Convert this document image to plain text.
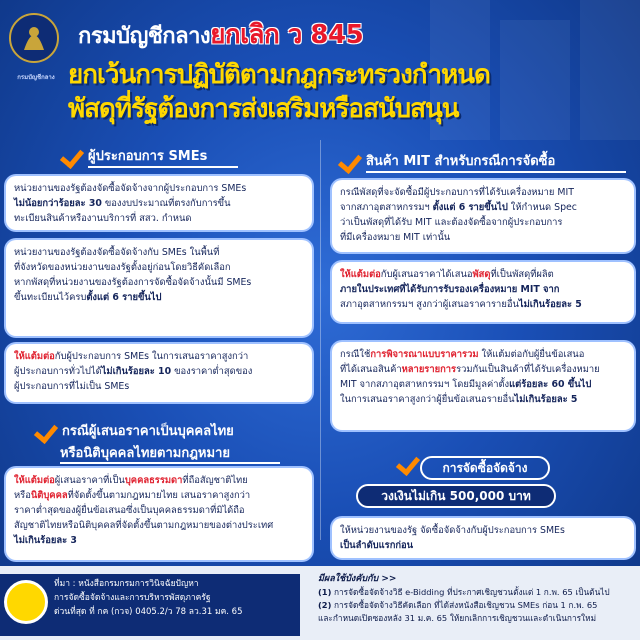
กรมบัญชีกลาง
กรมบัญชีกลางยกเลิก ว 845
ยกเว้นการปฏิบัติตามกฎกระทรวงกำหนด
พัสดุที่รัฐต้องการส่งเสริมหรือสนับสนุน
ผู้ประกอบการ SMEs

หน่วยงานของรัฐต้องจัดซื้อจัดจ้างจากผู้ประกอบการ SMEs

ไม่น้อยกว่าร้อยละ 30 ของงบประมาณที่ตรงกับการขึ้น

ทะเบียนสินค้าหรืองานบริการที่ สสว. กำหนด

หน่วยงานของรัฐต้องจัดซื้อจัดจ้างกับ SMEs ในพื้นที่

ที่จังหวัดของหน่วยงานของรัฐตั้งอยู่ก่อนโดยวิธีคัดเลือก

หากพัสดุที่หน่วยงานของรัฐต้องการจัดซื้อจัดจ้างนั้นมี SMEs

ขึ้นทะเบียนไว้ครบตั้งแต่ 6 รายขึ้นไป

ให้แต้มต่อกับผู้ประกอบการ SMEs ในการเสนอราคาสูงกว่า

ผู้ประกอบการทั่วไปได้ไม่เกินร้อยละ 10 ของราคาต่ำสุดของ

ผู้ประกอบการที่ไม่เป็น SMEs

กรณีผู้เสนอราคาเป็นบุคคลไทย
หรือนิติบุคคลไทยตามกฎหมาย

ให้แต้มต่อผู้เสนอราคาที่เป็นบุคคลธรรมดาที่ถือสัญชาติไทย

หรือนิติบุคคลที่จัดตั้งขึ้นตามกฎหมายไทย เสนอราคาสูงกว่า

ราคาต่ำสุดของผู้ยื่นข้อเสนอซึ่งเป็นบุคคลธรรมดาที่มิได้ถือ

สัญชาติไทยหรือนิติบุคคลที่จัดตั้งขึ้นตามกฎหมายของต่างประเทศ

ไม่เกินร้อยละ 3

สินค้า MIT สำหรับกรณีการจัดซื้อ

กรณีพัสดุที่จะจัดซื้อมีผู้ประกอบการที่ได้รับเครื่องหมาย MIT

จากสภาอุตสาหกรรมฯ ตั้งแต่ 6 รายขึ้นไป ให้กำหนด Spec

ว่าเป็นพัสดุที่ได้รับ MIT และต้องจัดซื้อจากผู้ประกอบการ

ที่มีเครื่องหมาย MIT เท่านั้น

ให้แต้มต่อกับผู้เสนอราคาได้เสนอพัสดุที่เป็นพัสดุที่ผลิต

ภายในประเทศที่ได้รับการรับรองเครื่องหมาย MIT จาก

สภาอุตสาหกรรมฯ สูงกว่าผู้เสนอราคารายอื่นไม่เกินร้อยละ 5

กรณีใช้การพิจารณาแบบราคารวม ให้แต้มต่อกับผู้ยื่นข้อเสนอ

ที่ได้เสนอสินค้าหลายรายการรวมกันเป็นสินค้าที่ได้รับเครื่องหมาย

MIT จากสภาอุตสาหกรรมฯ โดยมีมูลค่าตั้งแต่ร้อยละ 60 ขึ้นไป

ในการเสนอราคาสูงกว่าผู้ยื่นข้อเสนอรายอื่นไม่เกินร้อยละ 5

การจัดซื้อจัดจ้าง
วงเงินไม่เกิน 500,000 บาท

ให้หน่วยงานของรัฐ จัดซื้อจัดจ้างกับผู้ประกอบการ SMEs

เป็นลำดับแรกก่อน

ที่มา : หนังสือกรมกรมการวินิจฉัยปัญหา

การจัดซื้อจัดจ้างและการบริหารพัสดุภาครัฐ

ด่วนที่สุด ที่ กค (กวจ) 0405.2/ว 78 ลว.31 มค. 65

มีผลใช้บังคับกับ >>

(1) การจัดซื้อจัดจ้างวิธี e-Bidding ที่ประกาศเชิญชวนตั้งแต่ 1 ก.พ. 65 เป็นต้นไป

(2) การจัดซื้อจัดจ้างวิธีคัดเลือก ที่ได้ส่งหนังสือเชิญชวน SMEs ก่อน 1 ก.พ. 65

และกำหนดเปิดซองหลัง 31 ม.ค. 65 ให้ยกเลิกการเชิญชวนและดำเนินการใหม่
